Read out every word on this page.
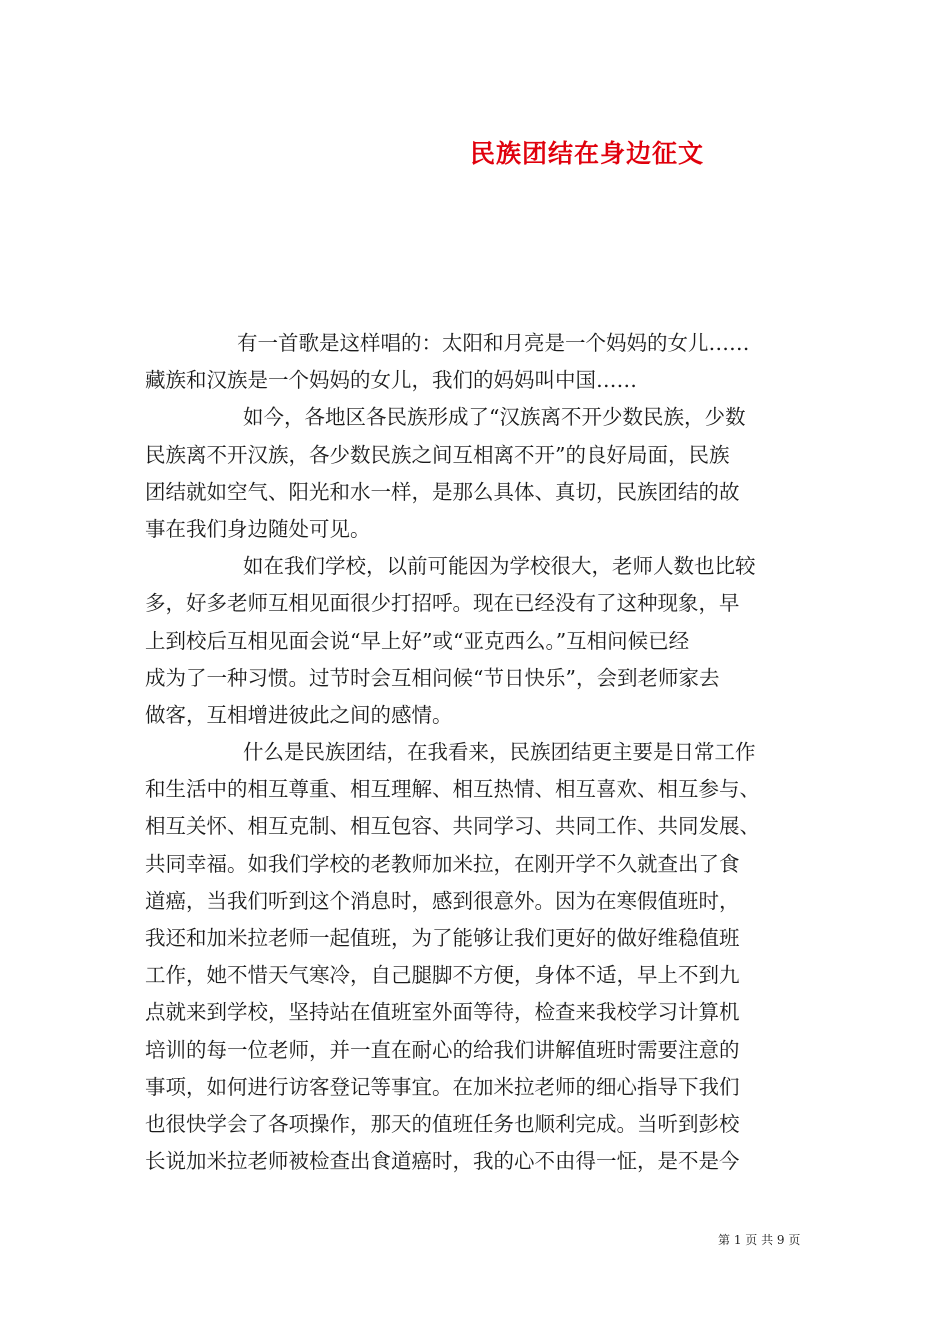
民族团结在身边征文
有一首歌是这样唱的：太阳和月亮是一个妈妈的女儿……
藏族和汉族是一个妈妈的女儿，我们的妈妈叫中国……
如今，各地区各民族形成了“汉族离不开少数民族，少数
民族离不开汉族，各少数民族之间互相离不开”的良好局面，民族
团结就如空气、阳光和水一样，是那么具体、真切，民族团结的故
事在我们身边随处可见。
如在我们学校，以前可能因为学校很大，老师人数也比较
多，好多老师互相见面很少打招呼。现在已经没有了这种现象，早
上到校后互相见面会说“早上好”或“亚克西么。”互相问候已经
成为了一种习惯。过节时会互相问候“节日快乐”，会到老师家去
做客，互相增进彼此之间的感情。
什么是民族团结，在我看来，民族团结更主要是日常工作
和生活中的相互尊重、相互理解、相互热情、相互喜欢、相互参与、
相互关怀、相互克制、相互包容、共同学习、共同工作、共同发展、
共同幸福。如我们学校的老教师加米拉，在刚开学不久就查出了食
道癌，当我们听到这个消息时，感到很意外。因为在寒假值班时，
我还和加米拉老师一起值班，为了能够让我们更好的做好维稳值班
工作，她不惜天气寒冷，自己腿脚不方便，身体不适，早上不到九
点就来到学校，坚持站在值班室外面等待，检查来我校学习计算机
培训的每一位老师，并一直在耐心的给我们讲解值班时需要注意的
事项，如何进行访客登记等事宜。在加米拉老师的细心指导下我们
也很快学会了各项操作，那天的值班任务也顺利完成。当听到彭校
长说加米拉老师被检查出食道癌时，我的心不由得一怔，是不是今
第 1 页 共 9 页
